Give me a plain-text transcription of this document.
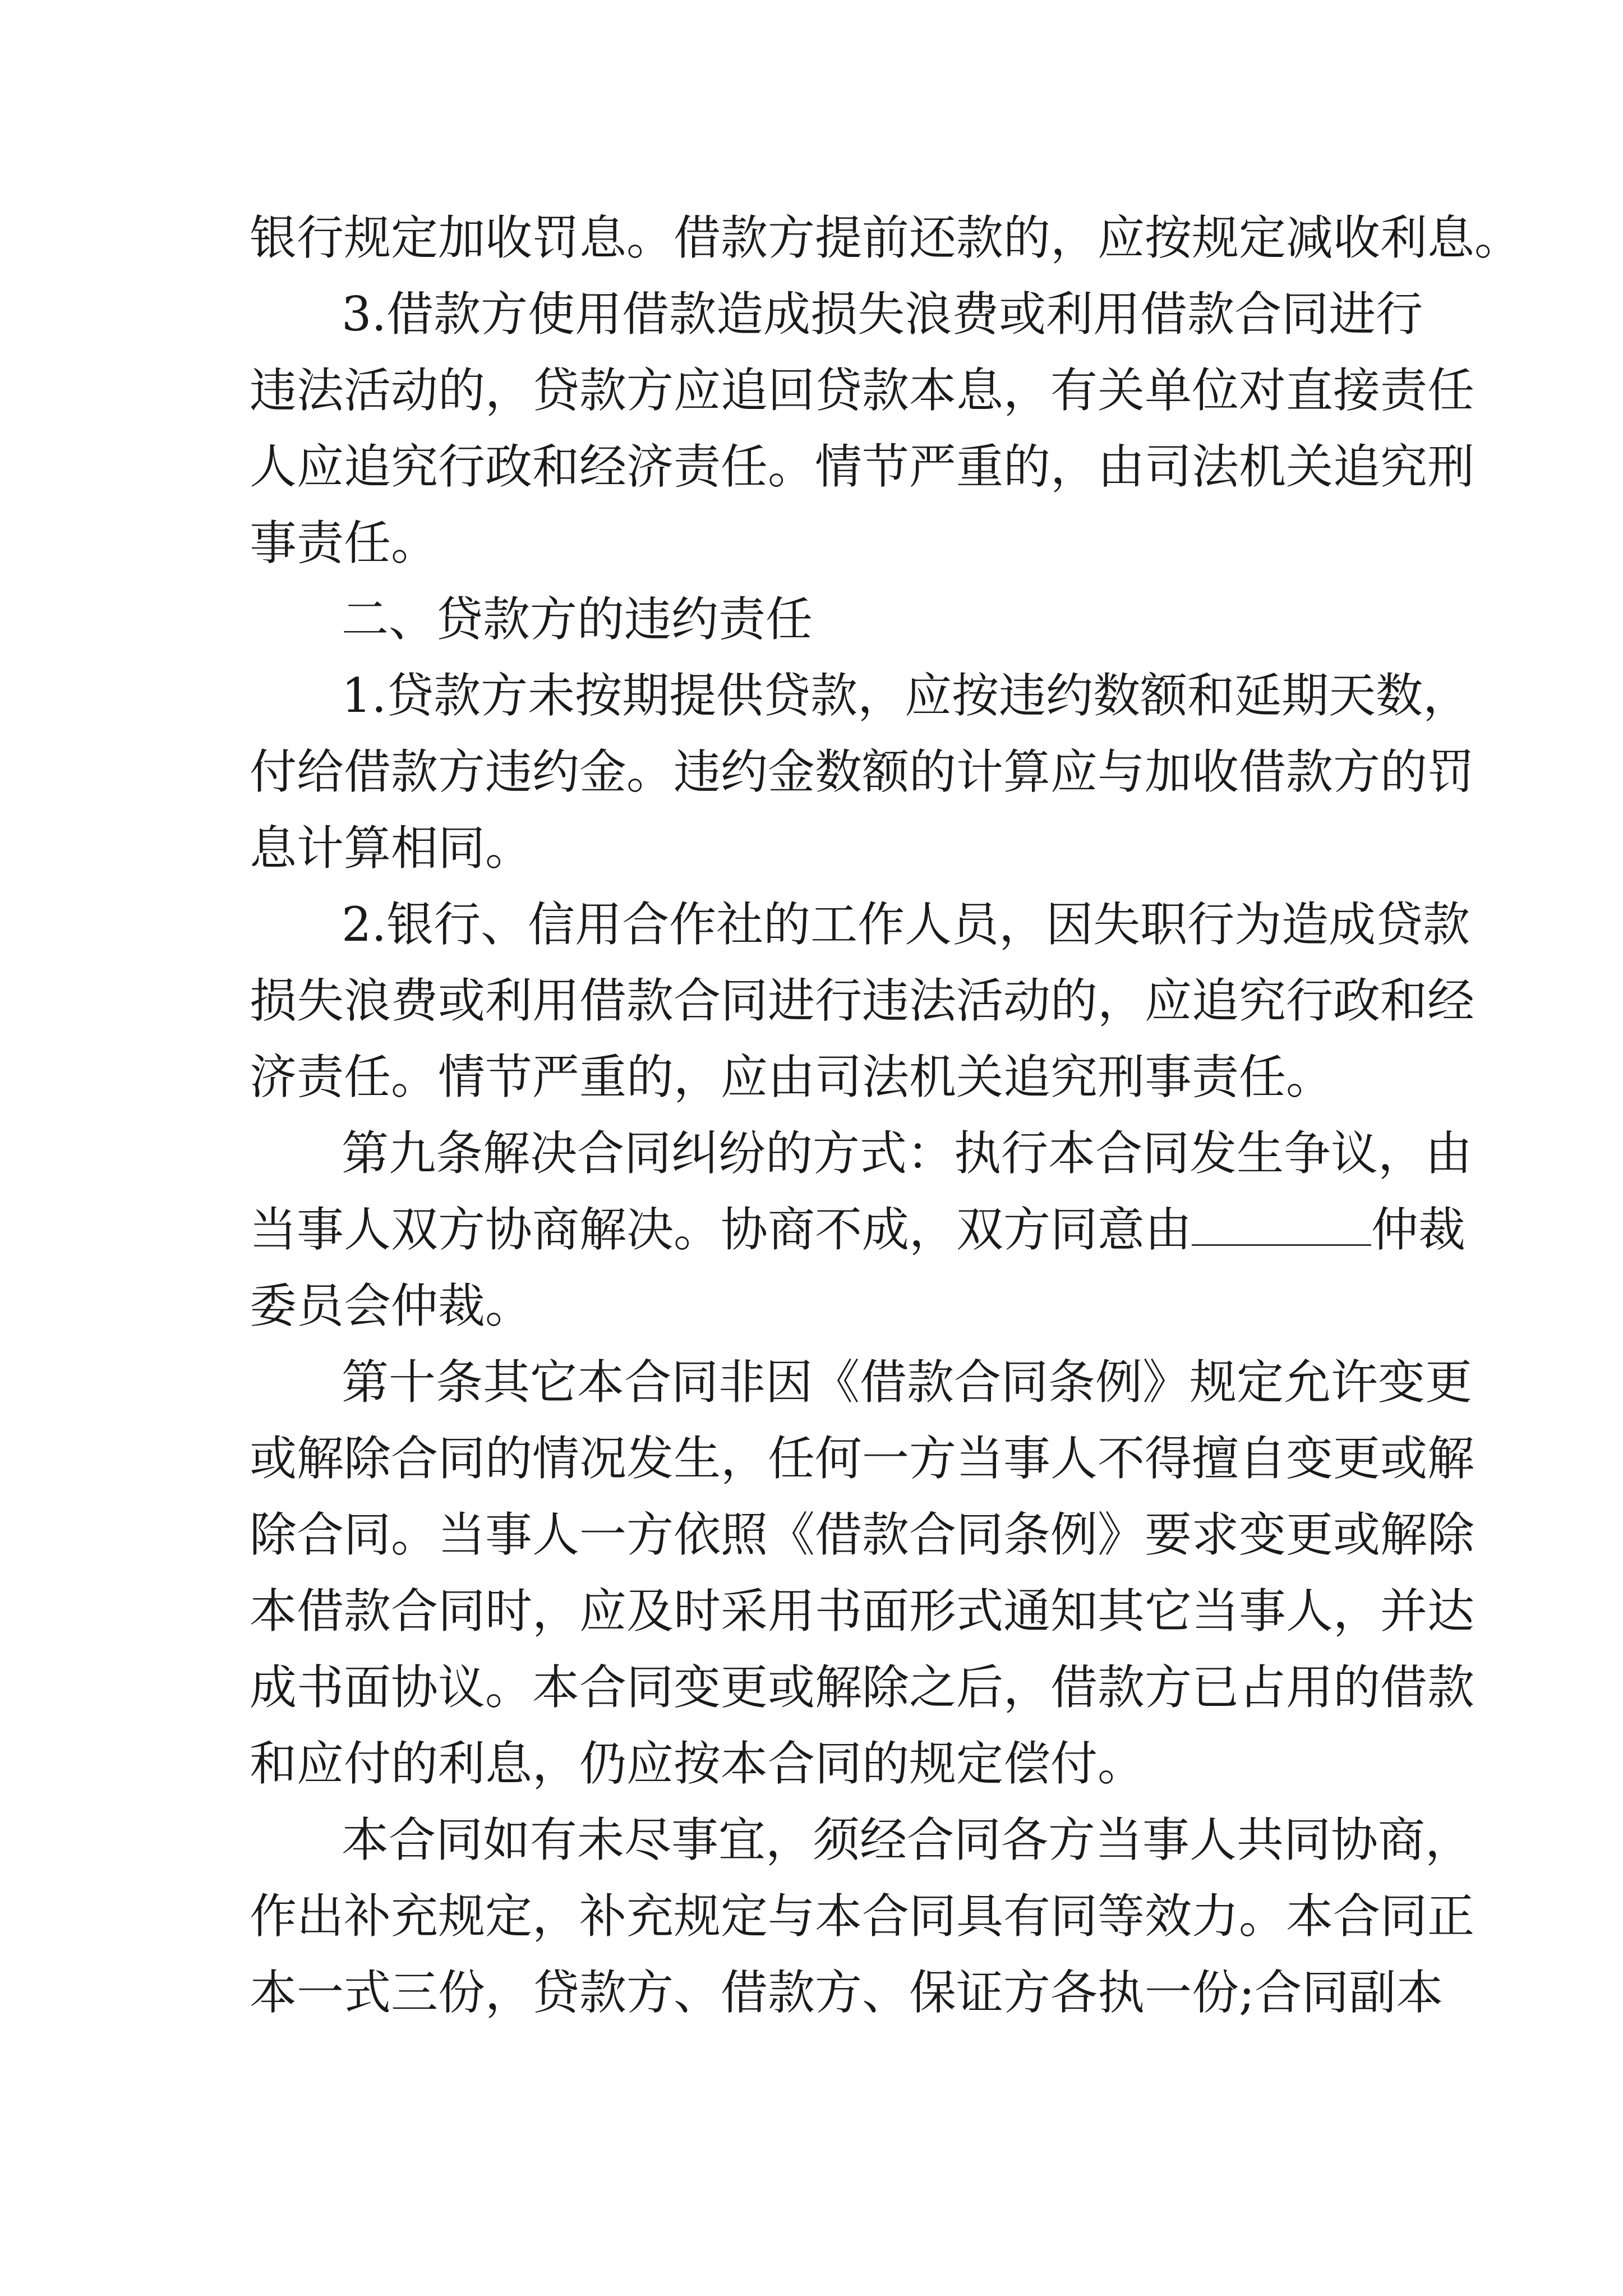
银行规定加收罚息。借款方提前还款的，应按规定减收利息。
3.借款方使用借款造成损失浪费或利用借款合同进行
违法活动的，贷款方应追回贷款本息，有关单位对直接责任
人应追究行政和经济责任。情节严重的，由司法机关追究刑
事责任。
二、贷款方的违约责任
1.贷款方未按期提供贷款，应按违约数额和延期天数，
付给借款方违约金。违约金数额的计算应与加收借款方的罚
息计算相同。
2.银行、信用合作社的工作人员，因失职行为造成贷款
损失浪费或利用借款合同进行违法活动的，应追究行政和经
济责任。情节严重的，应由司法机关追究刑事责任。
第九条解决合同纠纷的方式：执行本合同发生争议，由
当事人双方协商解决。协商不成，双方同意由	仲裁
委员会仲裁。
第十条其它本合同非因《借款合同条例》规定允许变更
或解除合同的情况发生，任何一方当事人不得擅自变更或解
除合同。当事人一方依照《借款合同条例》要求变更或解除
本借款合同时，应及时采用书面形式通知其它当事人，并达
成书面协议。本合同变更或解除之后，借款方已占用的借款
和应付的利息，仍应按本合同的规定偿付。
本合同如有未尽事宜，须经合同各方当事人共同协商，
作出补充规定，补充规定与本合同具有同等效力。本合同正
本一式三份，贷款方、借款方、保证方各执一份;合同副本
